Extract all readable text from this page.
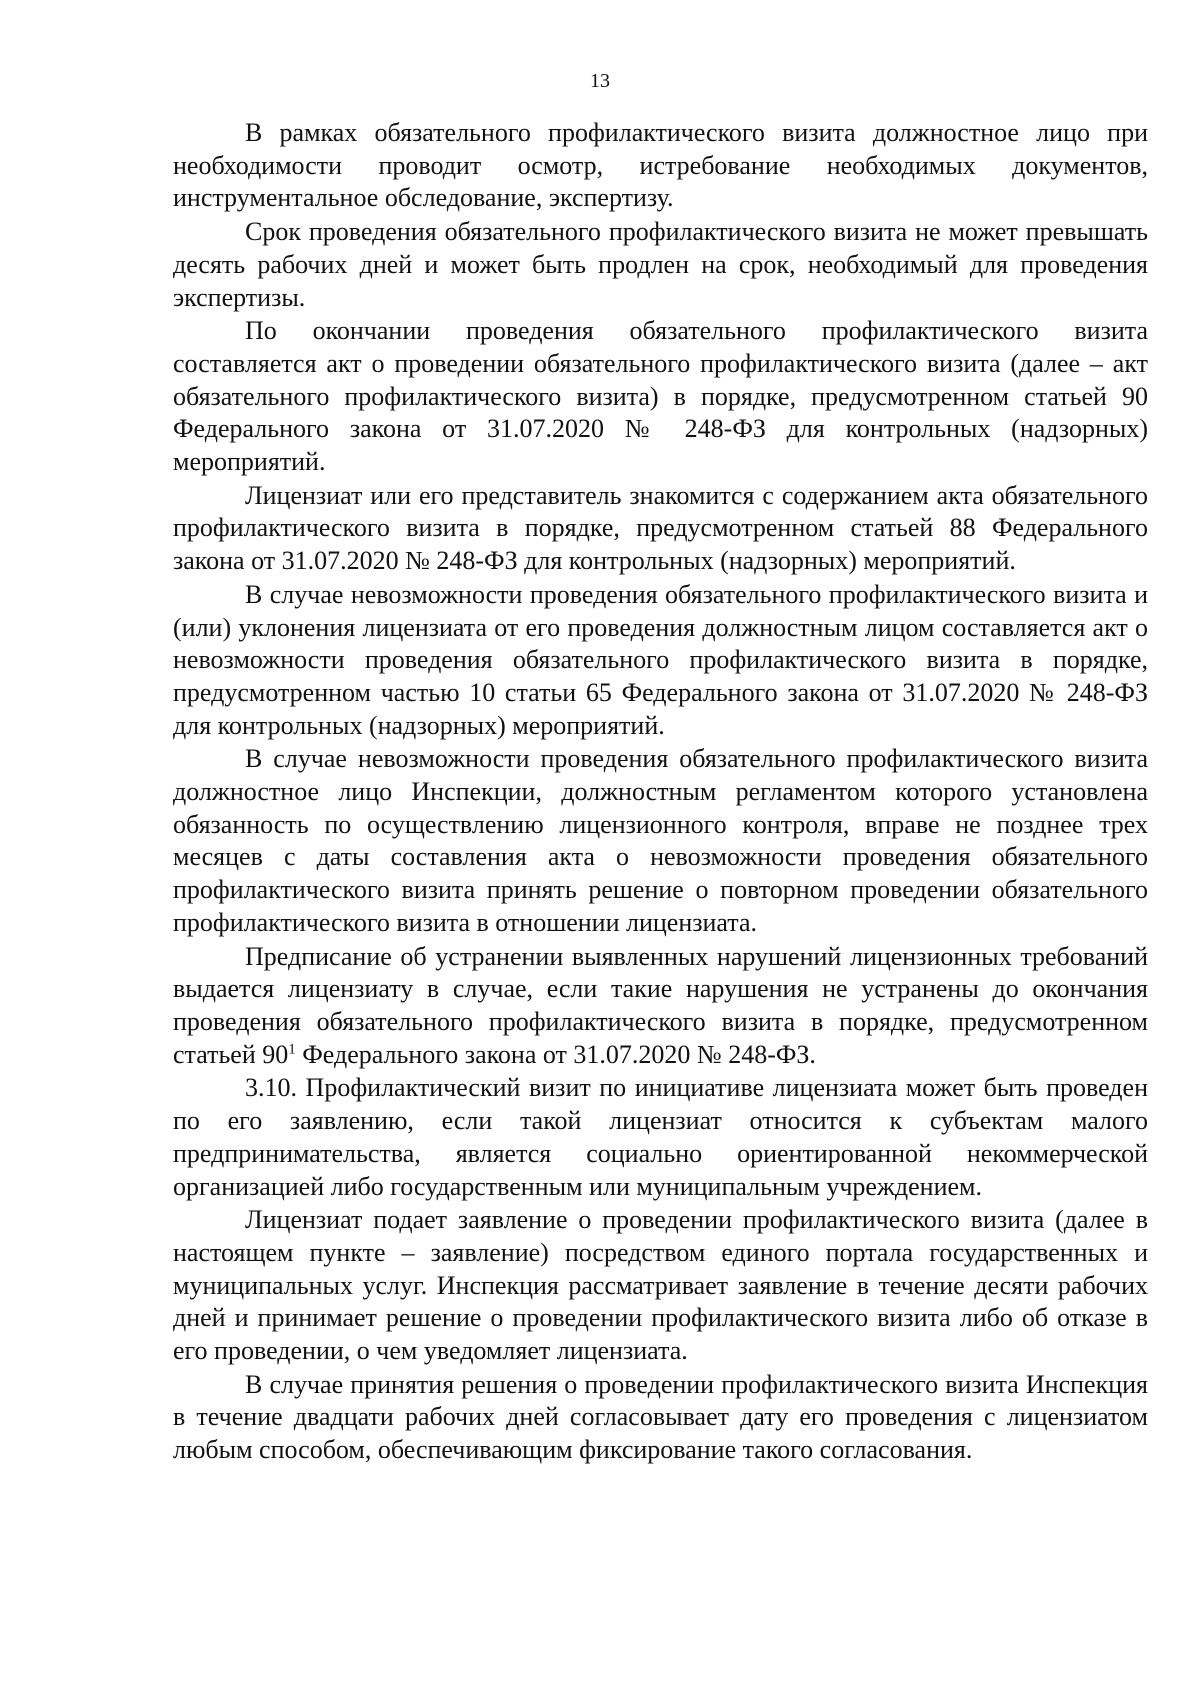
13

В рамках обязательного профилактического визита должностное лицо при необходимости проводит осмотр, истребование необходимых документов, инструментальное обследование, экспертизу.

Срок проведения обязательного профилактического визита не может превышать десять рабочих дней и может быть продлен на срок, необходимый для проведения экспертизы.

По окончании проведения обязательного профилактического визита составляется акт о проведении обязательного профилактического визита (далее – акт обязательного профилактического визита) в порядке, предусмотренном статьей 90 Федерального закона от 31.07.2020 № 248-ФЗ для контрольных (надзорных) мероприятий.

Лицензиат или его представитель знакомится с содержанием акта обязательного профилактического визита в порядке, предусмотренном статьей 88 Федерального закона от 31.07.2020 № 248-ФЗ для контрольных (надзорных) мероприятий.

В случае невозможности проведения обязательного профилактического визита и (или) уклонения лицензиата от его проведения должностным лицом составляется акт о невозможности проведения обязательного профилактического визита в порядке, предусмотренном частью 10 статьи 65 Федерального закона от 31.07.2020 № 248-ФЗ для контрольных (надзорных) мероприятий.

В случае невозможности проведения обязательного профилактического визита должностное лицо Инспекции, должностным регламентом которого установлена обязанность по осуществлению лицензионного контроля, вправе не позднее трех месяцев с даты составления акта о невозможности проведения обязательного профилактического визита принять решение о повторном проведении обязательного профилактического визита в отношении лицензиата.

Предписание об устранении выявленных нарушений лицензионных требований выдается лицензиату в случае, если такие нарушения не устранены до окончания проведения обязательного профилактического визита в порядке, предусмотренном статьей $90^1$ Федерального закона от 31.07.2020 № 248-ФЗ.

3.10. Профилактический визит по инициативе лицензиата может быть проведен по его заявлению, если такой лицензиат относится к субъектам малого предпринимательства, является социально ориентированной некоммерческой организацией либо государственным или муниципальным учреждением.

Лицензиат подает заявление о проведении профилактического визита (далее в настоящем пункте – заявление) посредством единого портала государственных и муниципальных услуг. Инспекция рассматривает заявление в течение десяти рабочих дней и принимает решение о проведении профилактического визита либо об отказе в его проведении, о чем уведомляет лицензиата.

В случае принятия решения о проведении профилактического визита Инспекция в течение двадцати рабочих дней согласовывает дату его проведения с лицензиатом любым способом, обеспечивающим фиксирование такого согласования.
